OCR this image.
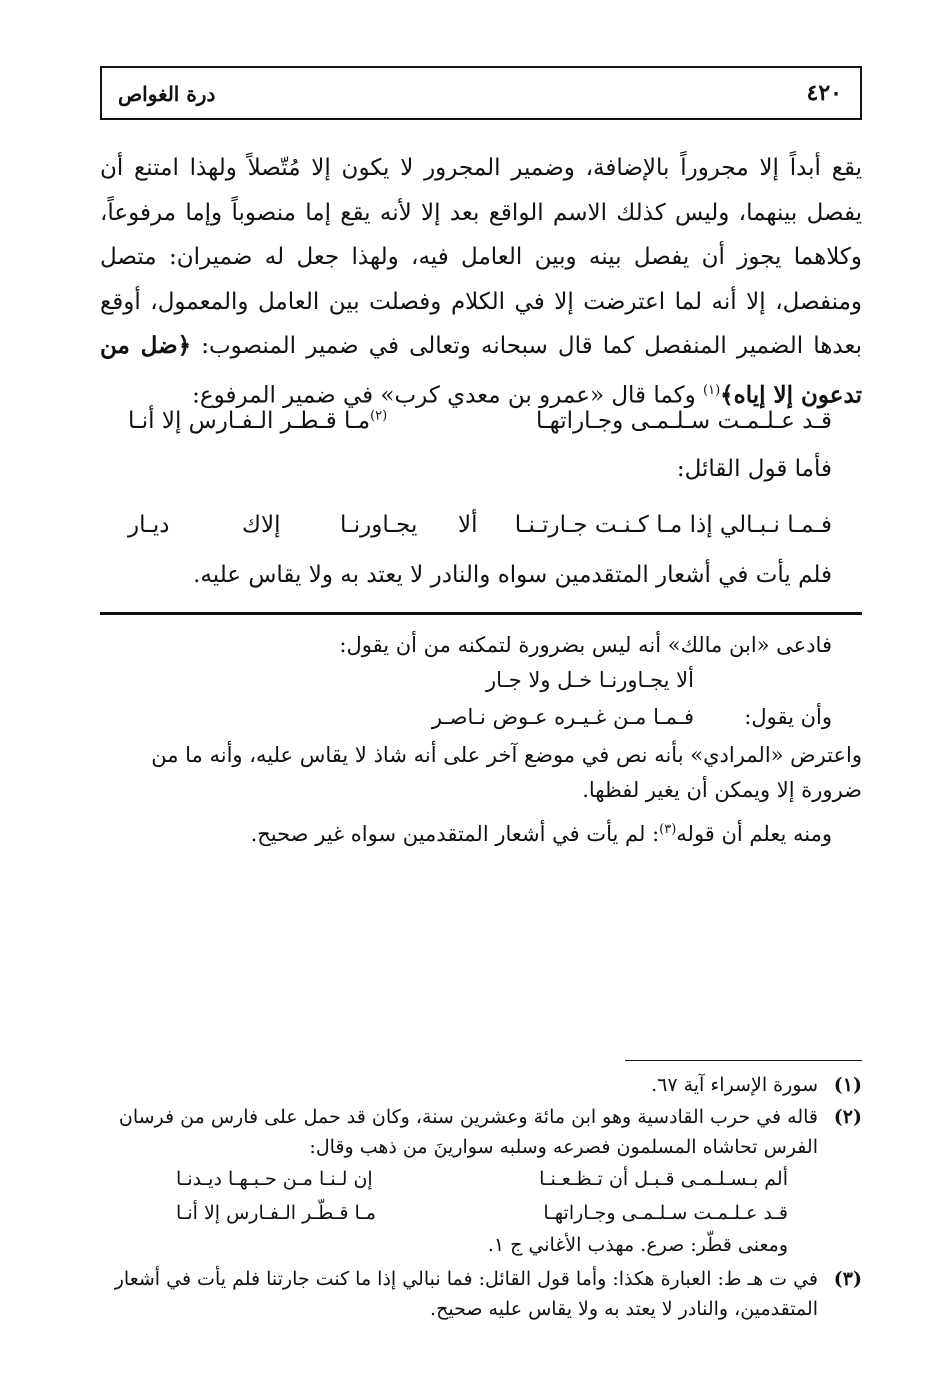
٤٢٠
درة الغواص

يقع أبداً إلا مجروراً بالإضافة، وضمير المجرور لا يكون إلا مُتّصلاً ولهذا امتنع أن يفصل بينهما، وليس كذلك الاسم الواقع بعد إلا لأنه يقع إما منصوباً وإما مرفوعاً، وكلاهما يجوز أن يفصل بينه وبين العامل فيه، ولهذا جعل له ضميران: متصل ومنفصل، إلا أنه لما اعترضت إلا في الكلام وفصلت بين العامل والمعمول، أوقع بعدها الضمير المنفصل كما قال سبحانه وتعالى في ضمير المنصوب: ﴿ضل من تدعون إلا إياه﴾$^{(١)}$ وكما قال «عمرو بن معدي كرب» في ضمير المرفوع:

قـد عـلـمـت سـلـمـى وجـاراتهـا
$^{(٢)}$مـا قـطـر الـفـارس إلا أنـا
فأما قول القائل:
فـمـا نـبـالي إذا مـا كـنـت جـارتـنـا
ألا
يجـاورنـا
إلاك
ديـار
فلم يأت في أشعار المتقدمين سواه والنادر لا يعتد به ولا يقاس عليه.
فادعى «ابن مالك» أنه ليس بضرورة لتمكنه من أن يقول:
ألا يجـاورنـا خـل ولا جـار
وأن يقول:
فـمـا مـن غـيـره عـوض نـاصـر
واعترض «المرادي» بأنه نص في موضع آخر على أنه شاذ لا يقاس عليه، وأنه ما من ضرورة إلا ويمكن أن يغير لفظها.
ومنه يعلم أن قوله$^{(٣)}$: لم يأت في أشعار المتقدمين سواه غير صحيح.
(١)
سورة الإسراء آية ٦٧.
(٢)
قاله في حرب القادسية وهو ابن مائة وعشرين سنة، وكان قد حمل على فارس من فرسان الفرس تحاشاه المسلمون فصرعه وسلبه سوارينَ من ذهب وقال:
ألم بـسـلـمـى قـبـل أن تـظـعـنـا
إن لـنـا مـن حـبـهـا ديـدنـا
قـد عـلـمـت سـلـمـى وجـاراتهـا
مـا قـطّـر الـفـارس إلا أنـا
ومعنى قطّر: صرع. مهذب الأغاني ج ١.
(٣)
في ت هـ ط: العبارة هكذا: وأما قول القائل: فما نبالي إذا ما كنت جارتنا فلم يأت في أشعار المتقدمين، والنادر لا يعتد به ولا يقاس عليه صحيح.
